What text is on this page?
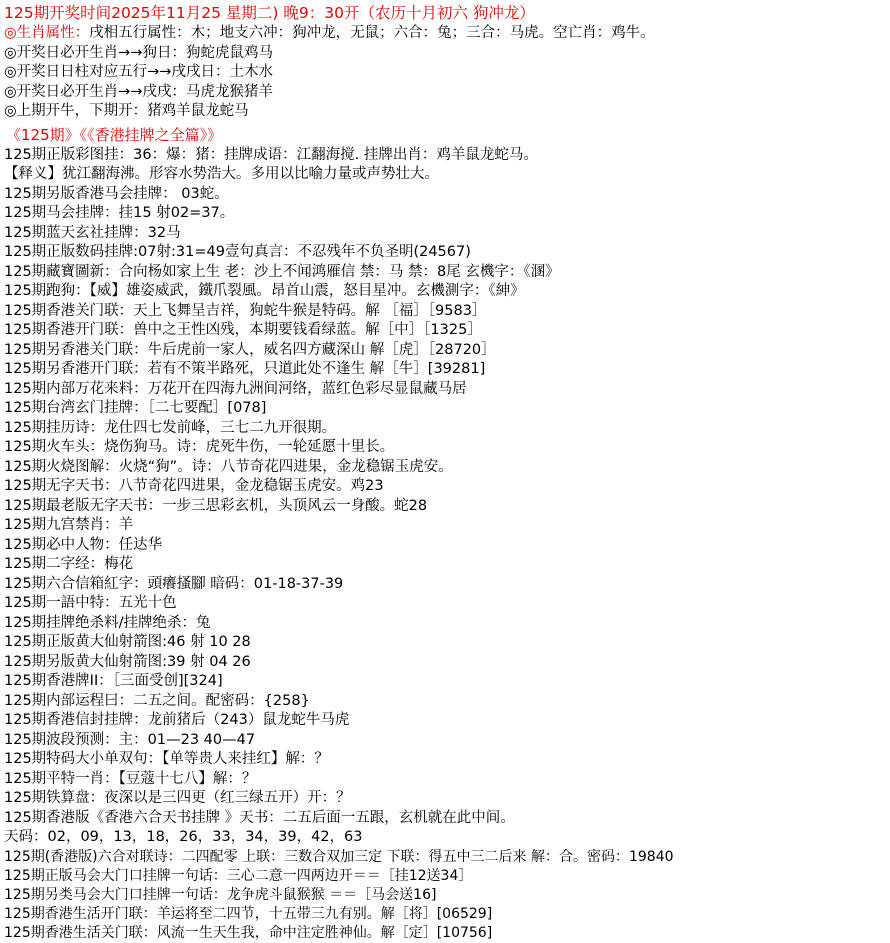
125期开奖时间2025年11月25 星期二) 晚9：30开（农历十月初六 狗冲龙）
◎生肖属性：戌相五行属性：木；地支六冲：狗冲龙，无鼠；六合：兔；三合：马虎。空亡肖：鸡牛。
◎开奖日必开生肖→→狗日：狗蛇虎鼠鸡马
◎开奖日日柱对应五行→→戌戌日：土木水
◎开奖日必开生肖→→戌戌：马虎龙猴猪羊
◎上期开牛，下期开：猪鸡羊鼠龙蛇马
《125期》《《香港挂牌之全篇》》
125期正版彩图挂：36：爆：猪：挂牌成语：江翻海搅. 挂牌出肖：鸡羊鼠龙蛇马。
【释义】犹江翻海沸。形容水势浩大。多用以比喻力量或声势壮大。
125期另版香港马会挂牌： 03蛇。
125期马会挂牌：挂15 射02=37。
125期蓝天玄社挂牌：32马
125期正版数码挂牌:07射:31=49壹句真言：不忍残年不负圣明(24567)
125期藏寶圖新：合向杨如家上生 老：沙上不闻鸿雁信 禁：马 禁：8尾 玄機字：《溷》
125期跑狗：【威】雄姿威武，鐵爪裂風。昂首山震，怒目星冲。玄機測字：《紳》
125期香港关门联：天上飞舞呈吉祥，狗蛇牛猴是特码。解 ［福］［9583］
125期香港开门联：兽中之王性凶残，本期要钱看绿蓝。解［中］［1325］
125期另香港关门联：牛后虎前一家人，威名四方藏深山 解［虎］［28720］
125期另香港开门联：若有不策半路死，只道此处不逢生 解［牛］[39281]
125期内部万花来料：万花开在四海九洲间河络，蓝红色彩尽显鼠藏马居
125期台湾玄门挂牌：［二七要配］[078]
125期挂历诗：龙仕四七发前峰，三七二九开很期。
125期火车头：烧伤狗马。诗：虎死牛伤，一轮延愿十里长。
125期火烧图解：火烧“狗”。诗：八节奇花四进果，金龙稳锯玉虎安。
125期无字天书：八节奇花四进果，金龙稳锯玉虎安。鸡23
125期最老版无字天书：一步三思彩玄机，头顶风云一身酸。蛇28
125期九宫禁肖：羊
125期必中人物：任达华
125期二字经：梅花
125期六合信箱紅字：頭癢搔腳 暗码：01-18-37-39
125期一語中特：五光十色
125期挂牌绝杀料/挂牌绝杀：兔
125期正版黄大仙射箭图:46 射 10 28
125期另版黄大仙射箭图:39 射 04 26
125期香港牌II：［三面受创][324]
125期内部运程曰：二五之间。配密码：{258}
125期香港信封挂牌：龙前猪后（243）鼠龙蛇牛马虎
125期波段预测：主：01—23 40—47
125期特码大小单双句：【单等贵人来挂红】解：？
125期平特一肖：【豆蔻十七八】解：？
125期铁算盘：夜深以是三四更（红三绿五开）开：？
125期香港版《香港六合天书挂牌 》天书：二五后面一五跟，玄机就在此中间。
天码：02，09，13，18，26，33，34，39，42，63
125期(香港版)六合对联诗：二四配零 上联：三数合双加三定 下联：得五中三二后来 解：合。密码：19840
125期正版马会大门口挂牌一句话：三心二意一四两边开＝＝［挂12送34］
125期另类马会大门口挂牌一句话：龙争虎斗鼠猴猴 ＝＝［马会送16]
125期香港生活开门联：羊运将至二四节，十五带三九有别。解［将］[06529]
125期香港生活关门联：风流一生天生我，命中注定胜神仙。解［定］[10756]
